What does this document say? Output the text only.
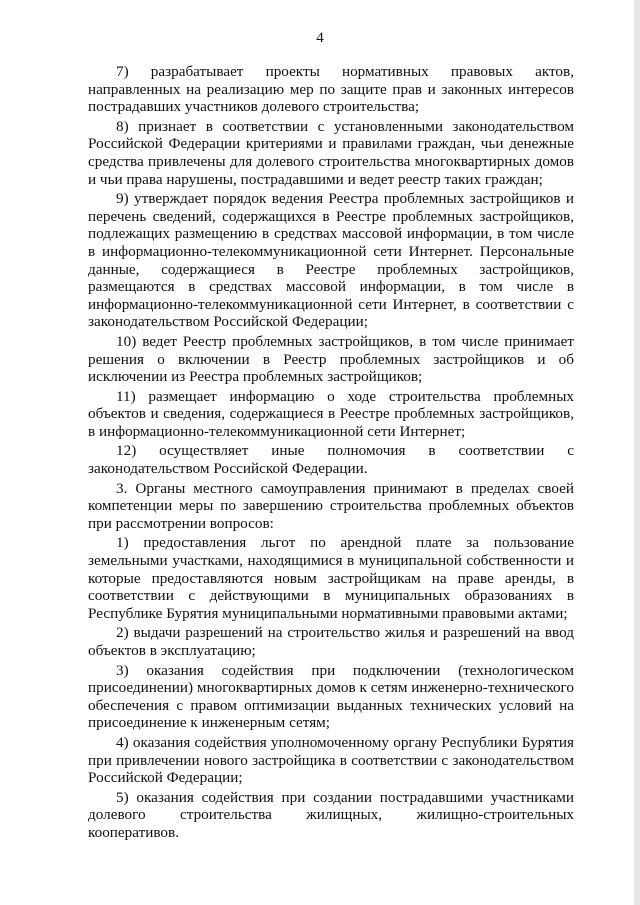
4

7) разрабатывает проекты нормативных правовых актов, направленных на реализацию мер по защите прав и законных интересов пострадавших участников долевого строительства;

8) признает в соответствии с установленными законодательством Российской Федерации критериями и правилами граждан, чьи денежные средства привлечены для долевого строительства многоквартирных домов и чьи права нарушены, пострадавшими и ведет реестр таких граждан;

9) утверждает порядок ведения Реестра проблемных застройщиков и перечень сведений, содержащихся в Реестре проблемных застройщиков, подлежащих размещению в средствах массовой информации, в том числе в информационно-телекоммуникационной сети Интернет. Персональные данные, содержащиеся в Реестре проблемных застройщиков, размещаются в средствах массовой информации, в том числе в информационно-телекоммуникационной сети Интернет, в соответствии с законодательством Российской Федерации;

10) ведет Реестр проблемных застройщиков, в том числе принимает решения о включении в Реестр проблемных застройщиков и об исключении из Реестра проблемных застройщиков;

11) размещает информацию о ходе строительства проблемных объектов и сведения, содержащиеся в Реестре проблемных застройщиков, в информационно-телекоммуникационной сети Интернет;

12) осуществляет иные полномочия в соответствии с законодательством Российской Федерации.

3. Органы местного самоуправления принимают в пределах своей компетенции меры по завершению строительства проблемных объектов при рассмотрении вопросов:

1) предоставления льгот по арендной плате за пользование земельными участками, находящимися в муниципальной собственности и которые предоставляются новым застройщикам на праве аренды, в соответствии с действующими в муниципальных образованиях в Республике Бурятия муниципальными нормативными правовыми актами;

2) выдачи разрешений на строительство жилья и разрешений на ввод объектов в эксплуатацию;

3) оказания содействия при подключении (технологическом присоединении) многоквартирных домов к сетям инженерно-технического обеспечения с правом оптимизации выданных технических условий на присоединение к инженерным сетям;

4) оказания содействия уполномоченному органу Республики Бурятия при привлечении нового застройщика в соответствии с законодательством Российской Федерации;

5) оказания содействия при создании пострадавшими участниками долевого строительства жилищных, жилищно-строительных кооперативов.
